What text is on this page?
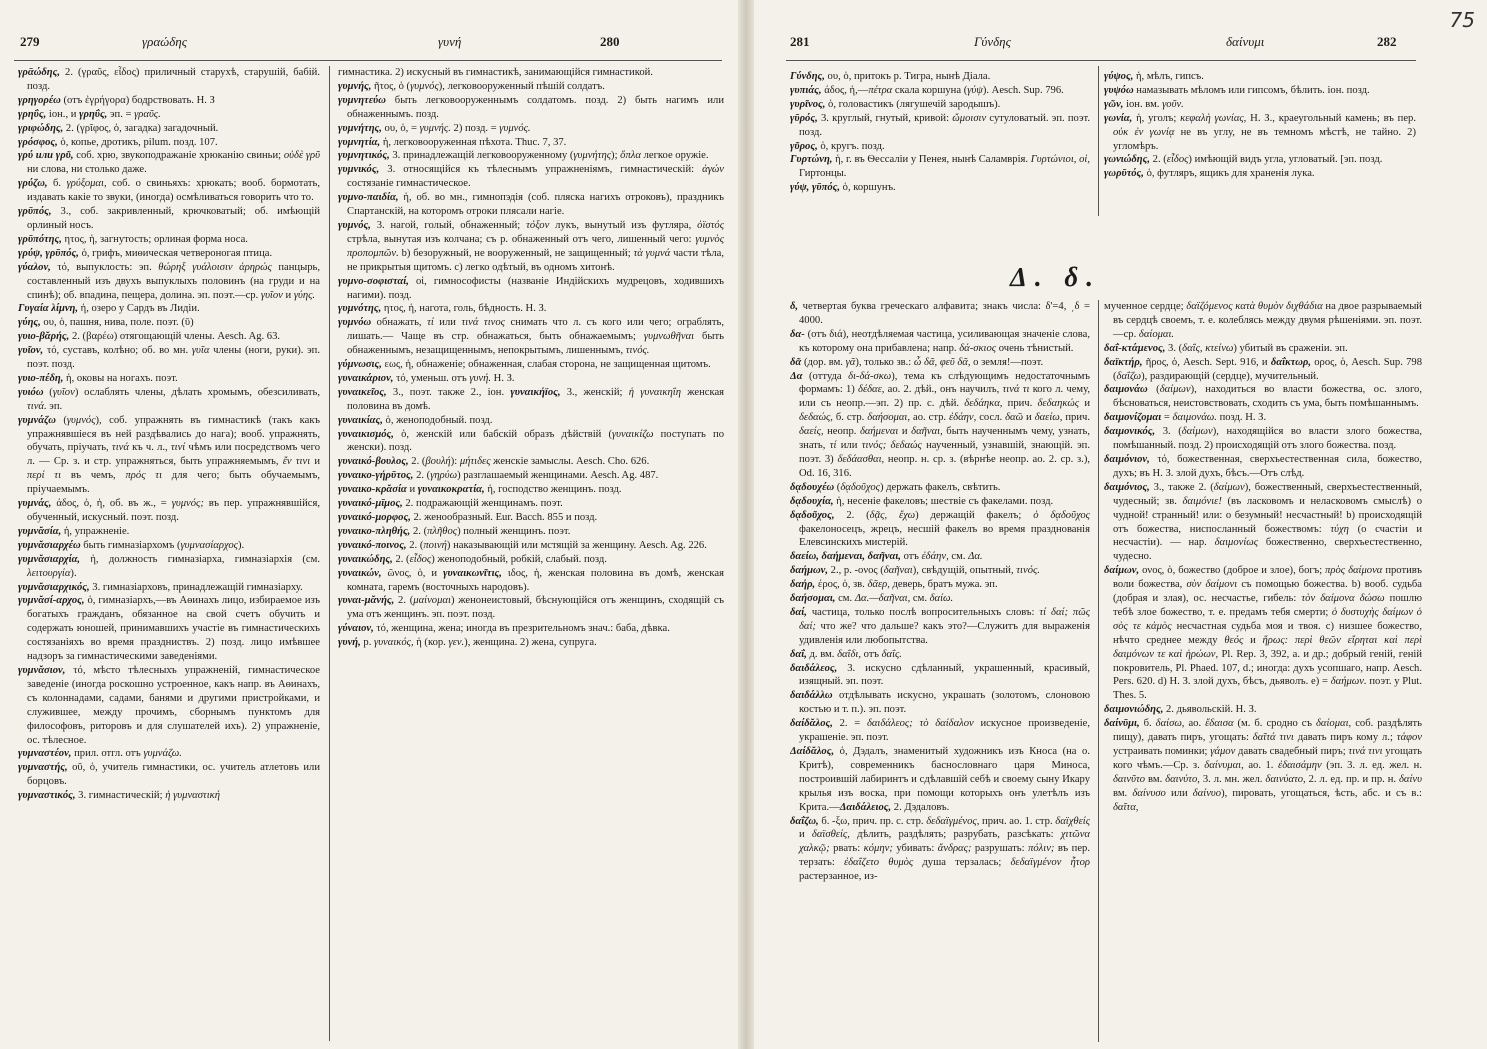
279	γραώδης	γυνή	280

γρᾱώδης, 2. (γραῦς, εἶδος) приличный старухѣ, старушій, бабій. позд.

γρηγορέω (отъ ἐγρήγορα) бодрствовать. Н. З

γρηΰς, іон., и γρηΰς, эп. = γραῦς.

γριφώδης, 2. (γρῖφος, ὁ, загадка) загадочный.

γρόσφος, ὁ, копье, дротикъ, pilum. позд. 107.

γρύ или γρῦ, соб. хрю, звукоподражаніе хрюканію свиньи; οὐδὲ γρῦ ни слова, ни столько даже.

γρύζω, б. γρύξομαι, соб. о свиньяхъ: хрюкать; вооб. бормотать, издавать какіе то звуки, (иногда) осмѣливаться говорить что то.

γρῡπός, 3., соб. закривленный, крючковатый; об. имѣющій орлиный носъ.

γρῡπότης, ητος, ἡ, загнутость; орлиная форма носа.

γρύψ, γρῡπός, ὁ, грифъ, миѳическая четвероногая птица.

γύαλον, τό, выпуклость: эп. θώρηξ γυάλοισιν ἀρηρώς панцырь, составленный изъ двухъ выпуклыхъ половинъ (на груди и на спинѣ); об. впадина, пещера, долина. эп. поэт.—ср. γυῖον и γύης.

Γυγαία λίμνη, ἡ, озеро у Сардъ въ Лидіи.

γύης, ου, ὁ, пашня, нива, поле. поэт. (ῡ)

γυιο-βᾰρής, 2. (βαρέω) отягощающій члены. Aesch. Ag. 63.

γυῖον, τό, суставъ, колѣно; об. во мн. γυῖα члены (ноги, руки). эп. поэт. позд.

γυιο-πέδη, ἡ, оковы на ногахъ. поэт.

γυιόω (γυῖον) ослаблять члены, дѣлать хромымъ, обезсиливать, τινά. эп.

γυμνάζω (γυμνός), соб. упражнять въ гимнастикѣ (такъ какъ упражнявшіеся въ ней раздѣвались до нага); вооб. упражнять, обучать, пріучать, τινά къ ч. л., τινί чѣмъ или посредствомъ чего л. — Ср. з. и стр. упражняться, быть упражняемымъ, ἔν τινι и περί τι въ чемъ, πρός τι для чего; быть обучаемымъ, пріучаемымъ.

γυμνάς, άδος, ὁ, ἡ, об. въ ж., = γυμνός; въ пер. упражнявшійся, обученный, искусный. поэт. позд.

γυμνᾰσία, ἡ, упражненіе.

γυμνᾰσιαρχέω быть гимназіархомъ (γυμνασίαρχος).

γυμνᾰσιαρχία, ἡ, должность гимназіарха, гимназіархія (см. λειτουργία).

γυμνᾰσιαρχικός, 3. гимназіарховъ, принадлежащій гимназіарху.

γυμνᾰσί-αρχος, ὁ, гимназіархъ,—въ Аѳинахъ лицо, избираемое изъ богатыхъ гражданъ, обязанное на свой счетъ обучить и содержать юношей, принимавшихъ участіе въ гимнастическихъ состязаніяхъ во время праздниствъ. 2) позд. лицо имѣвшее надзоръ за гимнастическими заведеніями.

γυμνᾰσιον, τό, мѣсто тѣлесныхъ упражненій, гимнастическое заведеніе (иногда роскошно устроенное, какъ напр. въ Аѳинахъ, съ колоннадами, садами, банями и другими пристройками, и служившее, между прочимъ, сборнымъ пунктомъ для философовъ, риторовъ и для слушателей ихъ). 2) упражненіе, ос. тѣлесное.

γυμναστέον, прил. отгл. отъ γυμνάζω.

γυμναστής, οῦ, ὁ, учитель гимнастики, ос. учитель атлетовъ или борцовъ.

γυμναστικός, 3. гимнастическій; ἡ γυμναστική

гимнастика. 2) искусный въ гимнастикѣ, занимающійся гимнастикой.

γυμνής, ῆτος, ὁ (γυμνός), легковооруженный пѣшій солдатъ.

γυμνητεύω быть легковооруженнымъ солдатомъ. позд. 2) быть нагимъ или обнаженнымъ. позд.

γυμνήτης, ου, ὁ, = γυμνής. 2) позд. = γυμνός.

γυμνητία, ἡ, легковооруженная пѣхота. Thuc. 7, 37.

γυμνητικός, 3. принадлежащій легковооруженному (γυμνήτης); ὅπλα легкое оружіе.

γυμνικός, 3. относящійся къ тѣлеснымъ упражненіямъ, гимнастическій: ἀγών состязаніе гимнастическое.

γυμνο-παιδία, ἡ, об. во мн., гимнопэдія (соб. пляска нагихъ отроковъ), праздникъ Спартанскій, на которомъ отроки плясали нагіе.

γυμνός, 3. нагой, голый, обнаженный; τόξον лукъ, вынутый изъ футляра, ὀϊστός стрѣла, вынутая изъ колчана; съ р. обнаженный отъ чего, лишенный чего: γυμνὸς προπομπῶν. b) безоружный, не вооруженный, не защищенный; τὰ γυμνά части тѣла, не прикрытыя щитомъ. c) легко одѣтый, въ одномъ хитонѣ.

γυμνο-σοφισταί, οἱ, гимнософисты (названіе Индійскихъ мудрецовъ, ходившихъ нагими). позд.

γυμνότης, ητος, ἡ, нагота, голь, бѣдность. Н. З.

γυμνόω обнажать, τί или τινά τινος снимать что л. съ кого или чего; ограблять, лишать.— Чаще въ стр. обнажаться, быть обнажаемымъ; γυμνωθῆναι быть обнаженнымъ, незащищеннымъ, непокрытымъ, лишеннымъ, τινός.

γύμνωσις, εως, ἡ, обнаженіе; обнаженная, слабая сторона, не защищенная щитомъ.

γυναικάριον, τό, уменьш. отъ γυνή. Н. З.

γυναικεῖος, 3., поэт. также 2., іон. γυναικήϊος, 3., женскій; ἡ γυναικηΐη женская половина въ домѣ.

γυναικίας, ὁ, женоподобный. позд.

γυναικισμός, ὁ, женскій или бабскій образъ дѣйствій (γυναικίζω поступать по женски). позд.

γυναικό-βουλος, 2. (βουλή): μήτιδες женскіе замыслы. Aesch. Cho. 626.

γυναικο-γήρῡτος, 2. (γηρύω) разглашаемый женщинами. Aesch. Ag. 487.

γυναικο-κρᾰσία и γυναικοκρατία, ἡ, господство женщинъ. позд.

γυναικό-μῑμος, 2. подражающій женщинамъ. поэт.

γυναικό-μορφος, 2. женообразный. Eur. Bacch. 855 и позд.

γυναικο-πληθής, 2. (πλῆθος) полный женщинъ. поэт.

γυναικό-ποινος, 2. (ποινή) наказывающій или мстящій за женщину. Aesch. Ag. 226.

γυναικώδης, 2. (εἶδος) женоподобный, робкій, слабый. позд.

γυναικών, ῶνος, ὁ, и γυναικωνῖτις, ιδος, ἡ, женская половина въ домѣ, женская комната, гаремъ (восточныхъ народовъ).

γυναι-μᾰνής, 2. (μαίνομαι) женонеистовый, бѣснующійся отъ женщинъ, сходящій съ ума отъ женщинъ. эп. поэт. позд.

γύναιον, τό, женщина, жена; иногда въ презрительномъ знач.: баба, дѣвка.

γυνή, р. γυναικός, ἡ (кор. γεν.), женщина. 2) жена, супруга.

281	Γύνδης	δαίνυμι	282
75

Γύνδης, ου, ὁ, притокъ р. Тигра, нынѣ Діала.

γυπιάς, άδος, ἡ,—πέτρα скала коршуна (γύψ). Aesch. Sup. 796.

γυρῖνος, ὁ, головастикъ (лягушечій зародышъ).

γῡρός, 3. круглый, гнутый, кривой: ὤμοισιν сутуловатый. эп. поэт. позд.

γῦρος, ὁ, кругъ. позд.

Γυρτώνη, ἡ, г. въ Ѳессаліи у Пенея, нынѣ Саламврія. Γυρτώνιοι, οἱ, Гиртонцы.

γύψ, γῡπός, ὁ, коршунъ.

γύψος, ἡ, мѣлъ, гипсъ.

γυψόω намазывать мѣломъ или гипсомъ, бѣлить. іон. позд.

γῶν, іон. вм. γοῦν.

γωνία, ἡ, уголъ; κεφαλὴ γωνίας, Н. З., краеугольный камень; въ пер. οὐκ ἐν γωνίᾳ не въ углу, не въ темномъ мѣстѣ, не тайно. 2) угломѣръ.

γωνιώδης, 2. (εἶδος) имѣющій видъ угла, угловатый. [эп. позд.

γωρῡτός, ὁ, футляръ, ящикъ для храненія лука.

Δ. δ.

δ, четвертая буква греческаго алфавита; знакъ числа: δ'=4, ͵δ = 4000.

δα- (отъ διά), неотдѣляемая частица, усиливающая значеніе слова, къ которому она прибавлена; напр. δά-σκιος очень тѣнистый.

δᾶ (дор. вм. γᾶ), только зв.: ὦ δᾶ, φεῦ δᾶ, о земля!—поэт.

Δα (оттуда δι-δά-σκω), тема къ слѣдующимъ недостаточнымъ формамъ: 1) δέδαε, ао. 2. дѣй., онъ научилъ, τινά τι кого л. чему, или съ неопр.—эп. 2) пр. с. дѣй. δεδάηκα, прич. δεδαηκώς и δεδαώς, б. стр. δαήσομαι, ао. стр. ἐδάην, сосл. δαῶ и δαείω, прич. δαείς, неопр. δαήμεναι и δαῆναι, быть наученнымъ чему, узнать, знать, τί или τινός; δεδαώς наученный, узнавшій, знающій. эп. поэт. 3) δεδάασθαι, неопр. н. ср. з. (вѣрнѣе неопр. ао. 2. ср. з.), Od. 16, 316.

δᾳδουχέω (δᾳδοῦχος) держать факелъ, свѣтить.

δᾳδουχία, ἡ, несеніе факеловъ; шествіе съ факелами. позд.

δᾳδοῦχος, 2. (δᾷς, ἔχω) держащій факелъ; ὁ δᾳδοῦχος факелоносецъ, жрецъ, несшій факелъ во время празднованія Елевсинскихъ мистерій.

δαείω, δαήμεναι, δαῆναι, отъ ἐδάην, см. Δα.

δαήμων, 2., р. -ονος (δαῆναι), свѣдущій, опытный, τινός.

δαήρ, έρος, ὁ, зв. δᾶερ, деверь, братъ мужа. эп.

δαήσομαι, см. Δα.—δαῆναι, см. δαίω.

δαί, частица, только послѣ вопросительныхъ словъ: τί δαί; πῶς δαί; что же? что дальше? какъ это?—Служитъ для выраженія удивленія или любопытства.

δαΐ, д. вм. δαΐδι, отъ δαΐς.

δαιδάλεος, 3. искусно сдѣланный, украшенный, красивый, изящный. эп. поэт.

δαιδάλλω отдѣлывать искусно, украшать (золотомъ, слоновою костью и т. п.). эп. поэт.

δαίδᾰλος, 2. = δαιδάλεος; τὸ δαίδαλον искусное произведеніе, украшеніе. эп. поэт.

Δαίδᾰλος, ὁ, Дэдалъ, знаменитый художникъ изъ Кноса (на о. Критѣ), современникъ баснословнаго царя Миноса, построившій лабиринтъ и сдѣлавшій себѣ и своему сыну Икару крылья изъ воска, при помощи которыхъ онъ улетѣлъ изъ Крита.—Δαιδάλειος, 2. Дэдаловъ.

δαΐζω, б. -ξω, прич. пр. с. стр. δεδαϊγμένος, прич. ао. 1. стр. δαϊχθείς и δαϊσθείς, дѣлить, раздѣлять; разрубать, разсѣкать: χιτῶνα χαλκῷ; рвать: κόμην; убивать: ἄνδρας; разрушать: πόλιν; въ пер. терзать: ἐδαΐζετο θυμὸς душа терзалась; δεδαϊγμένον ἦτορ растерзанное, из-

мученное сердце; δαϊζόμενος κατὰ θυμὸν διχθάδια на двое разрываемый въ сердцѣ своемъ, т. е. колеблясь между двумя рѣшеніями. эп. поэт.—ср. δαίομαι.

δαΐ-κτάμενος, 3. (δαΐς, κτείνω) убитый въ сраженіи. эп.

δαϊκτήρ, ῆρος, ὁ, Aesch. Sept. 916, и δαΐκτωρ, ορος, ὁ, Aesch. Sup. 798 (δαΐζω), раздирающій (сердце), мучительный.

δαιμονάω (δαίμων), находиться во власти божества, ос. злого, бѣсноваться, неистовствовать, сходить съ ума, быть помѣшаннымъ.

δαιμονίζομαι = δαιμονάω. позд. Н. З.

δαιμονικός, 3. (δαίμων), находящійся во власти злого божества, помѣшанный. позд. 2) происходящій отъ злого божества. позд.

δαιμόνιον, τό, божественная, сверхъестественная сила, божество, духъ; въ Н. З. злой духъ, бѣсъ.—Отъ слѣд.

δαιμόνιος, 3., также 2. (δαίμων), божественный, сверхъестественный, чудесный; зв. δαιμόνιε! (въ ласковомъ и неласковомъ смыслѣ) о чудной! странный! или: о безумный! несчастный! b) происходящій отъ божества, ниспосланный божествомъ: τύχη (о счастіи и несчастіи). — нар. δαιμονίως божественно, сверхъестественно, чудесно.

δαίμων, ονος, ὁ, божество (доброе и злое), богъ; πρὸς δαίμονα противъ воли божества, σὺν δαίμονι съ помощью божества. b) вооб. судьба (добрая и злая), ос. несчастье, гибель: τὸν δαίμονα δώσω пошлю тебѣ злое божество, т. е. предамъ тебя смерти; ὁ δυστυχὴς δαίμων ὁ σὸς τε κἀμὸς несчастная судьба моя и твоя. c) низшее божество, нѣчто среднее между θεός и ἥρως: περὶ θεῶν εἴρηται καὶ περὶ δαιμόνων τε καὶ ἡρώων, Pl. Rep. 3, 392, a. и др.; добрый геній, геній покровитель, Pl. Phaed. 107, d.; иногда: духъ усопшаго, напр. Aesch. Pers. 620. d) Н. З. злой духъ, бѣсъ, дьяволъ. e) = δαήμων. поэт. у Plut. Thes. 5.

δαιμονιώδης, 2. дьявольскій. Н. З.

δαίνῡμι, б. δαίσω, ао. ἔδαισα (м. б. сродно съ δαίομαι, соб. раздѣлять пищу), давать пиръ, угощать: δαῖτά τινι давать пиръ кому л.; τάφον устраивать поминки; γάμον давать свадебный пиръ; τινά τινι угощать кого чѣмъ.—Ср. з. δαίνυμαι, ао. 1. ἐδαισάμην (эп. 3. л. ед. жел. н. δαινῦτο вм. δαινύτο, 3. л. мн. жел. δαινύατο, 2. л. ед. пр. и пр. н. δαίνυ вм. δαίνυσο или δαίνυο), пировать, угощаться, ѣсть, абс. и съ в.: δαῖτα,
